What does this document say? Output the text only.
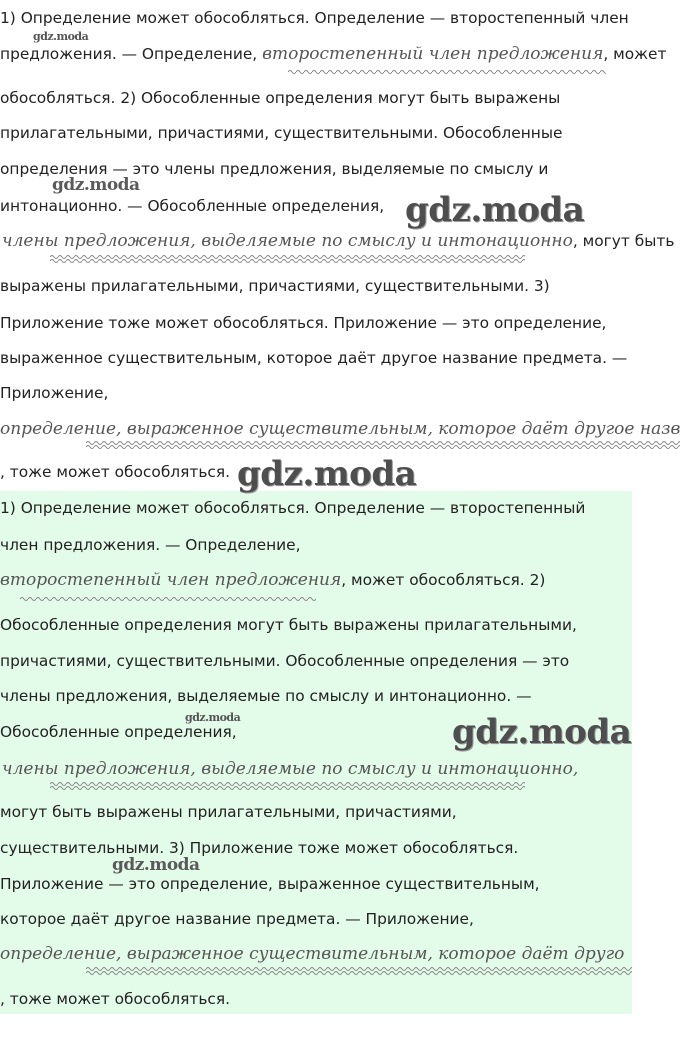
1) Определение может обособляться. Определение — второстепенный член
предложения. — Определение, второстепенный член предложения, может
обособляться. 2) Обособленные определения могут быть выражены
прилагательными, причастиями, существительными. Обособленные
определения — это члены предложения, выделяемые по смыслу и
интонационно. — Обособленные определения,
члены предложения, выделяемые по смыслу и интонационно, могут быть
выражены прилагательными, причастиями, существительными. 3)
Приложение тоже может обособляться. Приложение — это определение,
выраженное существительным, которое даёт другое название предмета. —
Приложение,
определение, выраженное существительным, которое даёт другое назв
, тоже может обособляться.
1) Определение может обособляться. Определение — второстепенный
член предложения. — Определение,
второстепенный член предложения, может обособляться. 2)
Обособленные определения могут быть выражены прилагательными,
причастиями, существительными. Обособленные определения — это
члены предложения, выделяемые по смыслу и интонационно. —
Обособленные определения,
члены предложения, выделяемые по смыслу и интонационно,
могут быть выражены прилагательными, причастиями,
существительными. 3) Приложение тоже может обособляться.
Приложение — это определение, выраженное существительным,
которое даёт другое название предмета. — Приложение,
определение, выраженное существительным, которое даёт друго
, тоже может обособляться.
gdz.moda
gdz.moda
gdz.moda
gdz.moda
gdz.moda	gdz.moda
gdz.moda
